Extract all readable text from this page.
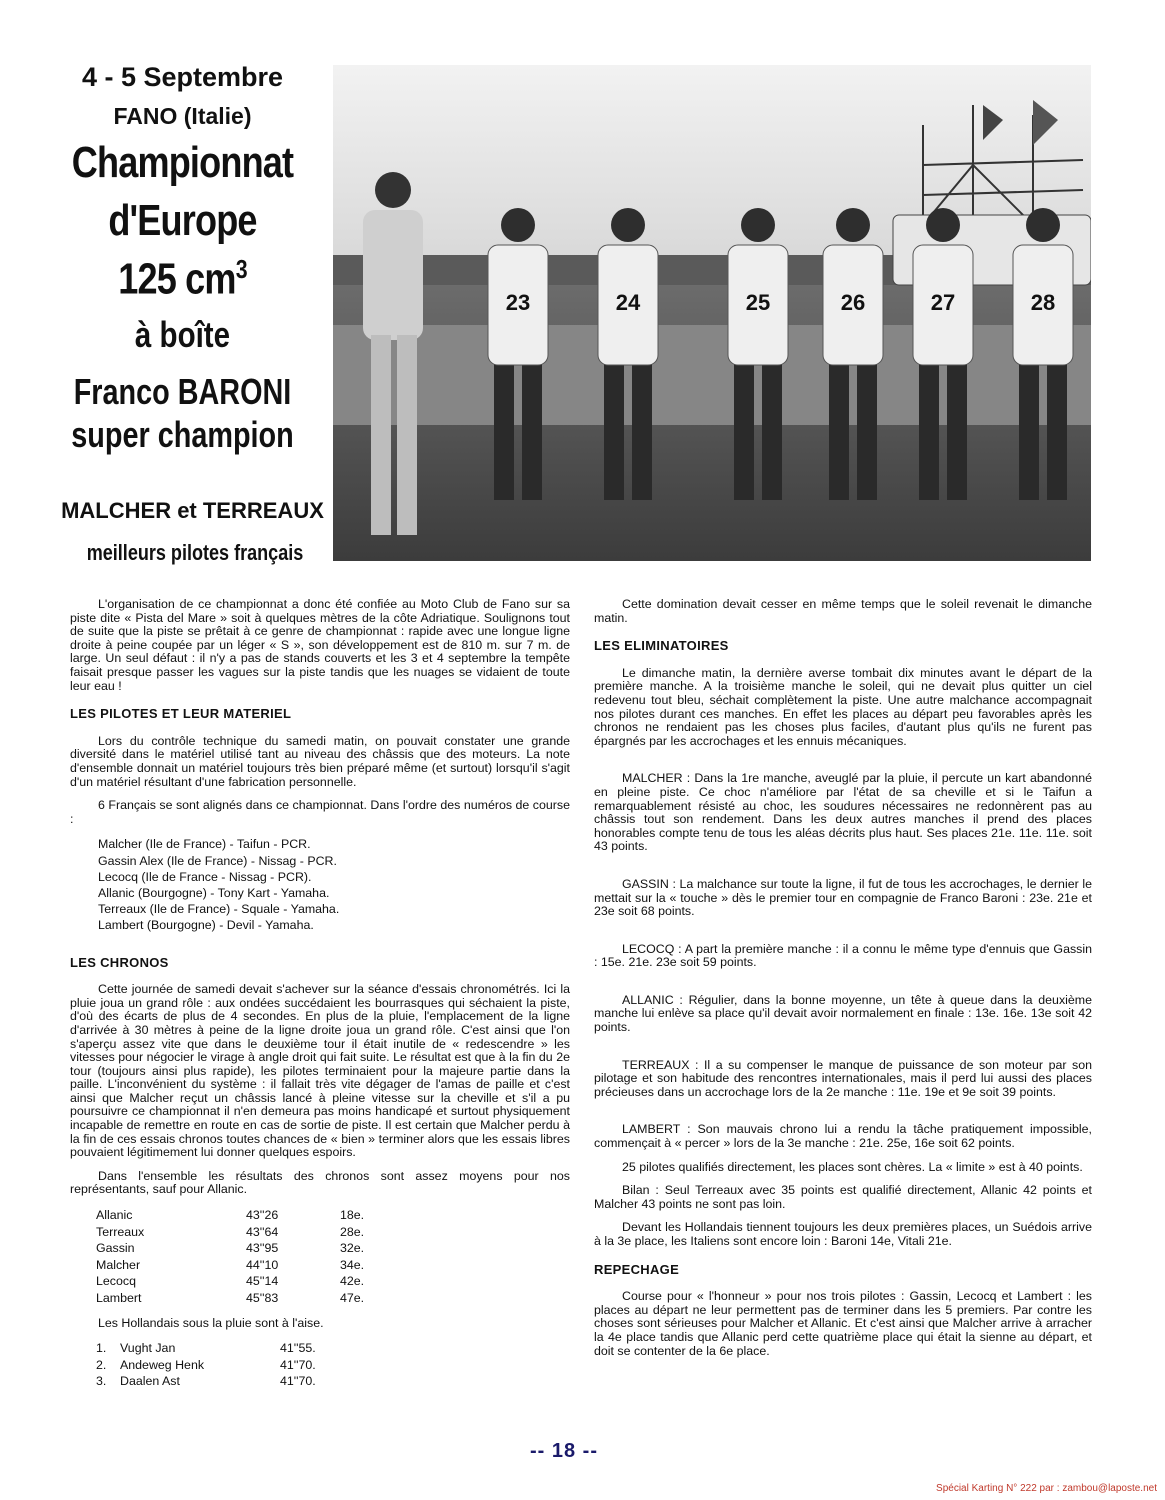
4 - 5 Septembre
FANO (Italie)
Championnat
d'Europe
125 $cm^3$
à boîte
Franco BARONI
super champion
MALCHER et TERREAUX
meilleurs pilotes français
23	24	25	26	27	28

L'organisation de ce championnat a donc été confiée au Moto Club de Fano sur sa piste dite « Pista del Mare » soit à quelques mètres de la côte Adriatique. Soulignons tout de suite que la piste se prêtait à ce genre de championnat : rapide avec une longue ligne droite à peine coupée par un léger « S », son développement est de 810 m. sur 7 m. de large. Un seul défaut : il n'y a pas de stands couverts et les 3 et 4 septembre la tempête faisait presque passer les vagues sur la piste tandis que les nuages se vidaient de toute leur eau !

LES PILOTES ET LEUR MATERIEL

Lors du contrôle technique du samedi matin, on pouvait constater une grande diversité dans le matériel utilisé tant au niveau des châssis que des moteurs. La note d'ensemble donnait un matériel toujours très bien préparé même (et surtout) lorsqu'il s'agit d'un matériel résultant d'une fabrication personnelle.

6 Français se sont alignés dans ce championnat. Dans l'ordre des numéros de course :

Malcher (Ile de France) - Taifun - PCR.
Gassin Alex (Ile de France) - Nissag - PCR.
Lecocq (Ile de France - Nissag - PCR).
Allanic (Bourgogne) - Tony Kart - Yamaha.
Terreaux (Ile de France) - Squale - Yamaha.
Lambert (Bourgogne) - Devil - Yamaha.
LES CHRONOS

Cette journée de samedi devait s'achever sur la séance d'essais chronométrés. Ici la pluie joua un grand rôle : aux ondées succédaient les bourrasques qui séchaient la piste, d'où des écarts de plus de 4 secondes. En plus de la pluie, l'emplacement de la ligne d'arrivée à 30 mètres à peine de la ligne droite joua un grand rôle. C'est ainsi que l'on s'aperçu assez vite que dans le deuxième tour il était inutile de « redescendre » les vitesses pour négocier le virage à angle droit qui fait suite. Le résultat est que à la fin du 2e tour (toujours ainsi plus rapide), les pilotes terminaient pour la majeure partie dans la paille. L'inconvénient du système : il fallait très vite dégager de l'amas de paille et c'est ainsi que Malcher reçut un châssis lancé à pleine vitesse sur la cheville et s'il a pu poursuivre ce championnat il n'en demeura pas moins handicapé et surtout physiquement incapable de remettre en route en cas de sortie de piste. Il est certain que Malcher perdu à la fin de ces essais chronos toutes chances de « bien » terminer alors que les essais libres pouvaient légitimement lui donner quelques espoirs.

Dans l'ensemble les résultats des chronos sont assez moyens pour nos représentants, sauf pour Allanic.

Allanic	43''26	18e.
Terreaux	43''64	28e.
Gassin	43''95	32e.
Malcher	44''10	34e.
Lecocq	45''14	42e.
Lambert	45''83	47e.

Les Hollandais sous la pluie sont à l'aise.

1.	Vught Jan	41''55.
2.	Andeweg Henk	41''70.
3.	Daalen Ast	41''70.

Cette domination devait cesser en même temps que le soleil revenait le dimanche matin.

LES ELIMINATOIRES

Le dimanche matin, la dernière averse tombait dix minutes avant le départ de la première manche. A la troisième manche le soleil, qui ne devait plus quitter un ciel redevenu tout bleu, séchait complètement la piste. Une autre malchance accompagnait nos pilotes durant ces manches. En effet les places au départ peu favorables après les chronos ne rendaient pas les choses plus faciles, d'autant plus qu'ils ne furent pas épargnés par les accrochages et les ennuis mécaniques.

MALCHER : Dans la 1re manche, aveuglé par la pluie, il percute un kart abandonné en pleine piste. Ce choc n'améliore par l'état de sa cheville et si le Taifun a remarquablement résisté au choc, les soudures nécessaires ne redonnèrent pas au châssis tout son rendement. Dans les deux autres manches il prend des places honorables compte tenu de tous les aléas décrits plus haut. Ses places 21e. 11e. 11e. soit 43 points.

GASSIN : La malchance sur toute la ligne, il fut de tous les accrochages, le dernier le mettait sur la « touche » dès le premier tour en compagnie de Franco Baroni : 23e. 21e et 23e soit 68 points.

LECOCQ : A part la première manche : il a connu le même type d'ennuis que Gassin : 15e. 21e. 23e soit 59 points.

ALLANIC : Régulier, dans la bonne moyenne, un tête à queue dans la deuxième manche lui enlève sa place qu'il devait avoir normalement en finale : 13e. 16e. 13e soit 42 points.

TERREAUX : Il a su compenser le manque de puissance de son moteur par son pilotage et son habitude des rencontres internationales, mais il perd lui aussi des places précieuses dans un accrochage lors de la 2e manche : 11e. 19e et 9e soit 39 points.

LAMBERT : Son mauvais chrono lui a rendu la tâche pratiquement impossible, commençait à « percer » lors de la 3e manche : 21e. 25e, 16e soit 62 points.

25 pilotes qualifiés directement, les places sont chères. La « limite » est à 40 points.

Bilan : Seul Terreaux avec 35 points est qualifié directement, Allanic 42 points et Malcher 43 points ne sont pas loin.

Devant les Hollandais tiennent toujours les deux premières places, un Suédois arrive à la 3e place, les Italiens sont encore loin : Baroni 14e, Vitali 21e.

REPECHAGE

Course pour « l'honneur » pour nos trois pilotes : Gassin, Lecocq et Lambert : les places au départ ne leur permettent pas de terminer dans les 5 premiers. Par contre les choses sont sérieuses pour Malcher et Allanic. Et c'est ainsi que Malcher arrive à arracher la 4e place tandis que Allanic perd cette quatrième place qui était la sienne au départ, et doit se contenter de la 6e place.

-- 18 --
Spécial Karting N° 222 par : zambou@laposte.net
